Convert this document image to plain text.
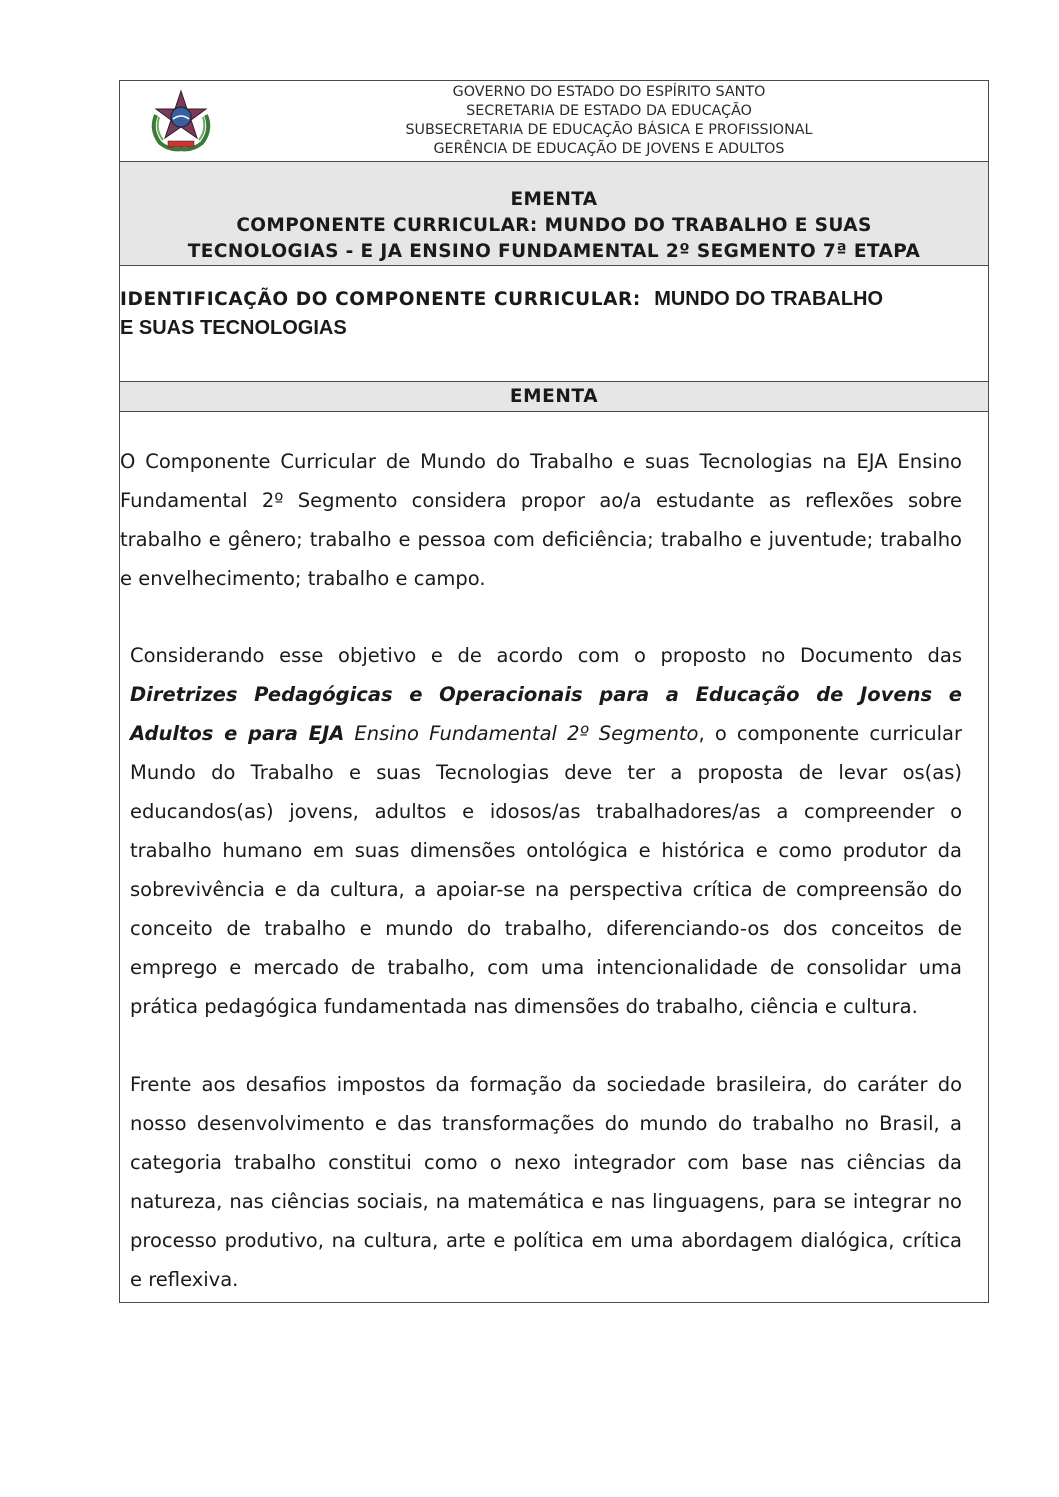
GOVERNO DO ESTADO DO ESPÍRITO SANTO
SECRETARIA DE ESTADO DA EDUCAÇÃO
SUBSECRETARIA DE EDUCAÇÃO BÁSICA E PROFISSIONAL
GERÊNCIA DE EDUCAÇÃO DE JOVENS E ADULTOS
EMENTA
COMPONENTE CURRICULAR: MUNDO DO TRABALHO E SUAS
TECNOLOGIAS - E JA ENSINO FUNDAMENTAL 2º SEGMENTO 7ª ETAPA
IDENTIFICAÇÃO DO COMPONENTE CURRICULAR: MUNDO DO TRABALHO
E SUAS TECNOLOGIAS
EMENTA
O Componente Curricular de Mundo do Trabalho e suas Tecnologias na EJA Ensino Fundamental 2º Segmento considera propor ao/a estudante as reflexões sobre trabalho e gênero; trabalho e pessoa com deficiência; trabalho e juventude; trabalho e envelhecimento; trabalho e campo.
Considerando esse objetivo e de acordo com o proposto no Documento das Diretrizes Pedagógicas e Operacionais para a Educação de Jovens e Adultos e para EJA Ensino Fundamental 2º Segmento, o componente curricular Mundo do Trabalho e suas Tecnologias deve ter a proposta de levar os(as) educandos(as) jovens, adultos e idosos/as trabalhadores/as a compreender o trabalho humano em suas dimensões ontológica e histórica e como produtor da sobrevivência e da cultura, a apoiar-se na perspectiva crítica de compreensão do conceito de trabalho e mundo do trabalho, diferenciando-os dos conceitos de emprego e mercado de trabalho, com uma intencionalidade de consolidar uma prática pedagógica fundamentada nas dimensões do trabalho, ciência e cultura.
Frente aos desafios impostos da formação da sociedade brasileira, do caráter do nosso desenvolvimento e das transformações do mundo do trabalho no Brasil, a categoria trabalho constitui como o nexo integrador com base nas ciências da natureza, nas ciências sociais, na matemática e nas linguagens, para se integrar no processo produtivo, na cultura, arte e política em uma abordagem dialógica, crítica e reflexiva.
